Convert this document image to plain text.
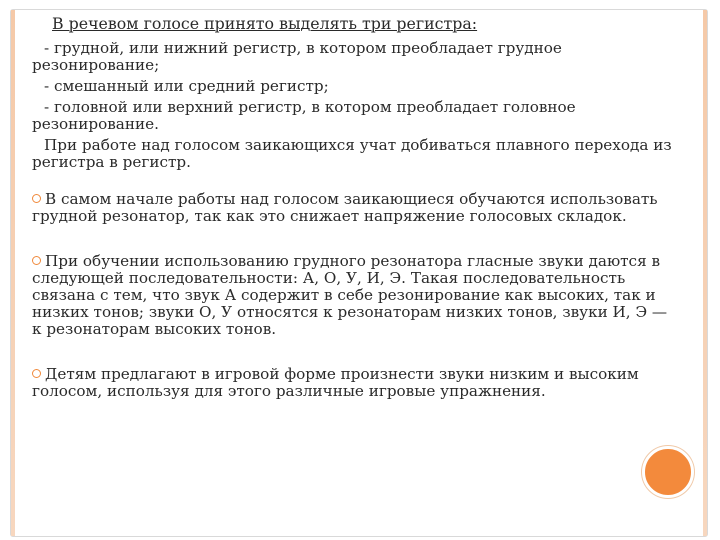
В речевом голосе принято выделять три регистра:
- грудной, или нижний регистр, в котором преобладает грудное резонирование;
- смешанный или средний регистр;
- головной или верхний регистр, в котором преобладает головное резонирование.
При работе над голосом заикающихся учат добиваться плавного перехода из регистра в регистр.
В самом начале работы над голосом заикающиеся обучаются использовать грудной резонатор, так как это снижает напряжение голосовых складок.
При обучении использованию грудного резонатора гласные звуки даются в следующей последовательности: А, О, У, И, Э. Такая последовательность связана с тем, что звук А содержит в себе резонирование как высоких, так и низких тонов; звуки О, У относятся к резонаторам низких тонов, звуки И, Э — к резонаторам высоких тонов.
Детям предлагают в игровой форме произнести звуки низким и высоким голосом, используя для этого различные игровые упражнения.
